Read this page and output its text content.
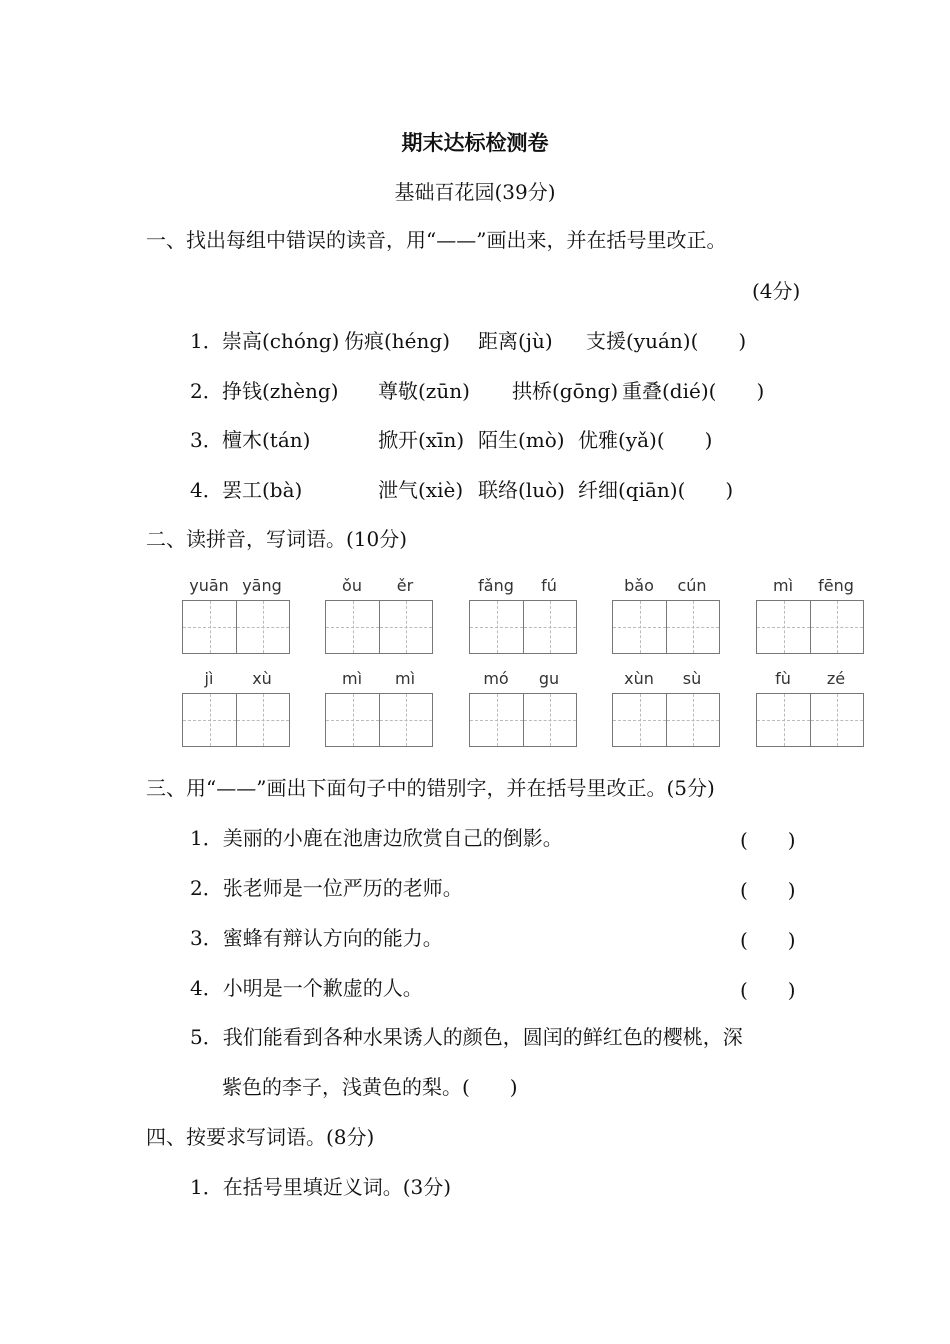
期末达标检测卷
基础百花园(39分)
一、找出每组中错误的读音，用“——”画出来，并在括号里改正。
(4分)
1． 崇高(chóng) 伤痕(héng) 距离(jù) 支援(yuán)(　　)
2． 挣钱(zhèng) 尊敬(zūn) 拱桥(gōng) 重叠(dié)(　　)
3． 檀木(tán)	掀开(xīn) 陌生(mò) 优雅(yǎ)(　　)
4． 罢工(bà)	泄气(xiè) 联络(luò) 纤细(qiān)(　　)
二、读拼音，写词语。(10分)
yuān yāng	ǒu	ěr	fǎng	fú	bǎo	cún	mì	fēng
jì	xù	mì	mì	mó	gu	xùn	sù	fù	zé
三、用“——”画出下面句子中的错别字，并在括号里改正。(5分)
1．美丽的小鹿在池唐边欣赏自己的倒影。	(　　)
2．张老师是一位严历的老师。	(　　)
3．蜜蜂有辩认方向的能力。	(　　)
4．小明是一个歉虚的人。	(　　)
5．我们能看到各种水果诱人的颜色，圆闰的鲜红色的樱桃，深
紫色的李子，浅黄色的梨。(　　)
四、按要求写词语。(8分)
1．在括号里填近义词。(3分)
